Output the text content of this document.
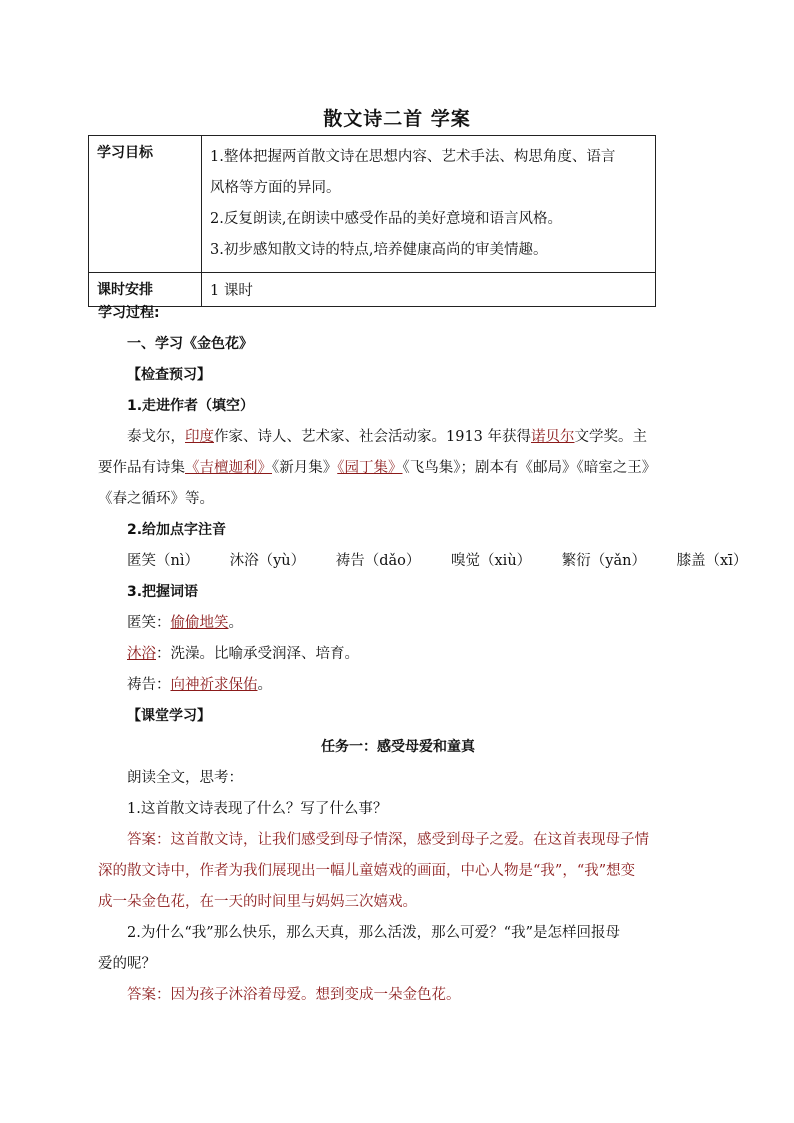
散文诗二首 学案
学习目标	1.整体把握两首散文诗在思想内容、艺术手法、构思角度、语言
风格等方面的异同。
2.反复朗读,在朗读中感受作品的美好意境和语言风格。
3.初步感知散文诗的特点,培养健康高尚的审美情趣。

课时安排	1 课时
学习过程:
一、学习《金色花》
【检查预习】
1.走进作者（填空）
泰戈尔，印度作家、诗人、艺术家、社会活动家。1913 年获得诺贝尔文学奖。主
要作品有诗集《吉檀迦利》《新月集》《园丁集》《飞鸟集》；剧本有《邮局》《暗室之王》
《春之循环》等。
2.给加点字注音
匿笑（nì） 沐浴（yù） 祷告（dǎo） 嗅觉（xiù） 繁衍（yǎn） 膝盖（xī）
3.把握词语
匿笑：偷偷地笑。
沐浴：洗澡。比喻承受润泽、培育。
祷告：向神祈求保佑。
【课堂学习】
任务一：感受母爱和童真
朗读全文，思考：
1.这首散文诗表现了什么？写了什么事？
答案：这首散文诗，让我们感受到母子情深，感受到母子之爱。在这首表现母子情
深的散文诗中，作者为我们展现出一幅儿童嬉戏的画面，中心人物是“我”，“我”想变
成一朵金色花，在一天的时间里与妈妈三次嬉戏。
2.为什么“我”那么快乐，那么天真，那么活泼，那么可爱？“我”是怎样回报母
爱的呢？
答案：因为孩子沐浴着母爱。想到变成一朵金色花。
